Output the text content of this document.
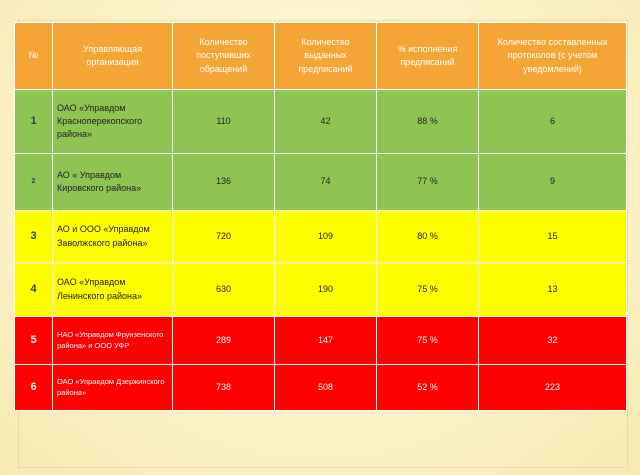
№	Управляющая организация	Количество поступивших обращений	Количество выданных предписаний	% исполнения предписаний	Количество составленных протоколов (с учетом уведомлений)
1	ОАО «Управдом Красноперекопского района»	110	42	88 %	6
2	АО « Управдом Кировского района»	136	74	77 %	9
3	АО и ООО «Управдом Заволжского района»	720	109	80 %	15
4	ОАО «Управдом Ленинского района»	630	190	75 %	13
5	НАО «Управдом Фрунзенского района» и ООО УФР	289	147	75 %	32
6	ОАО «Управдом Дзержинского района»	738	508	52 %	223
